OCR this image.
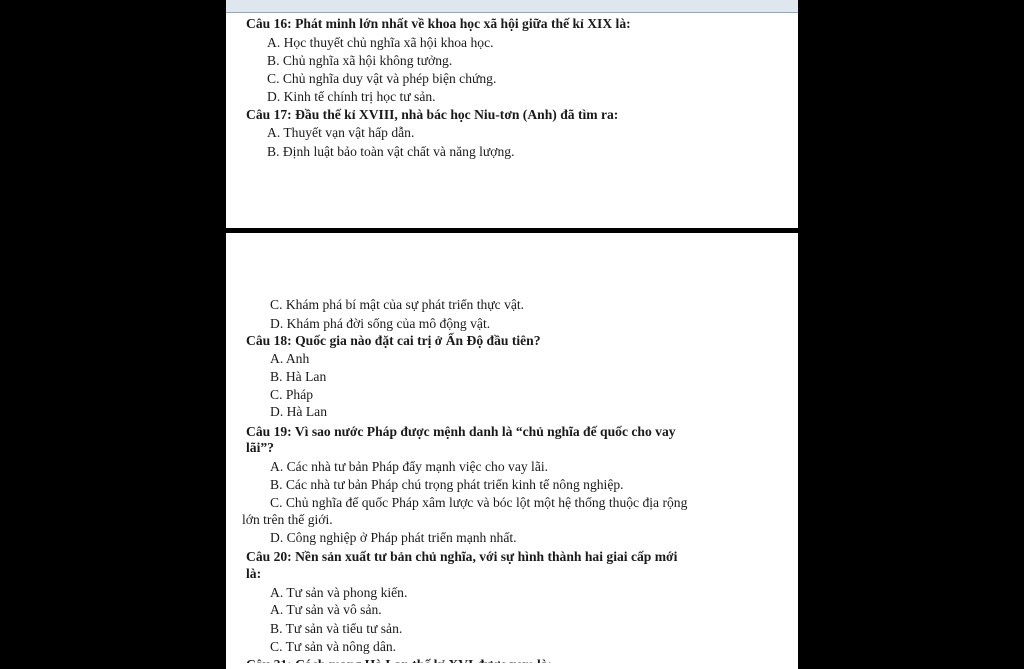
Câu 16: Phát minh lớn nhất về khoa học xã hội giữa thế kỉ XIX là:
A. Học thuyết chủ nghĩa xã hội khoa học.
B. Chủ nghĩa xã hội không tưởng.
C. Chủ nghĩa duy vật và phép biện chứng.
D. Kinh tế chính trị học tư sản.
Câu 17: Đầu thế kỉ XVIII, nhà bác học Niu-tơn (Anh) đã tìm ra:
A. Thuyết vạn vật hấp dẫn.
B. Định luật bảo toàn vật chất và năng lượng.
C. Khám phá bí mật của sự phát triển thực vật.
D. Khám phá đời sống của mô động vật.
Câu 18: Quốc gia nào đặt cai trị ở Ấn Độ đầu tiên?
A. Anh
B. Hà Lan
C. Pháp
D. Hà Lan
Câu 19: Vì sao nước Pháp được mệnh danh là “chủ nghĩa đế quốc cho vay
lãi”?
A. Các nhà tư bản Pháp đẩy mạnh việc cho vay lãi.
B. Các nhà tư bản Pháp chú trọng phát triển kinh tế nông nghiệp.
C. Chủ nghĩa đế quốc Pháp xâm lược và bóc lột một hệ thống thuộc địa rộng
lớn trên thế giới.
D. Công nghiệp ở Pháp phát triển mạnh nhất.
Câu 20: Nền sản xuất tư bản chủ nghĩa, với sự hình thành hai giai cấp mới
là:
A. Tư sản và phong kiến.
A. Tư sản và vô sản.
B. Tư sản và tiểu tư sản.
C. Tư sản và nông dân.
